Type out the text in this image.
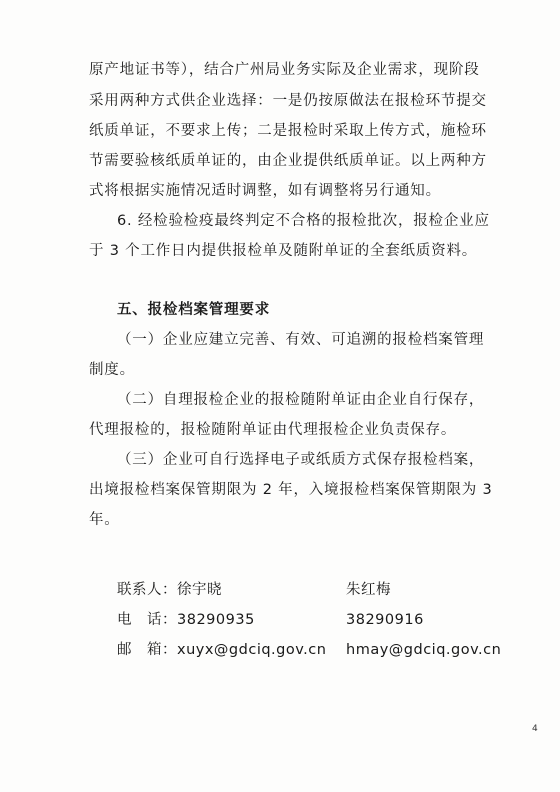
原产地证书等），结合广州局业务实际及企业需求，现阶段
采用两种方式供企业选择：一是仍按原做法在报检环节提交
纸质单证，不要求上传；二是报检时采取上传方式，施检环
节需要验核纸质单证的，由企业提供纸质单证。以上两种方
式将根据实施情况适时调整，如有调整将另行通知。
6. 经检验检疫最终判定不合格的报检批次，报检企业应
于 3 个工作日内提供报检单及随附单证的全套纸质资料。
五、报检档案管理要求
（一）企业应建立完善、有效、可追溯的报检档案管理
制度。
（二）自理报检企业的报检随附单证由企业自行保存，
代理报检的，报检随附单证由代理报检企业负责保存。
（三）企业可自行选择电子或纸质方式保存报检档案，
出境报检档案保管期限为 2 年，入境报检档案保管期限为 3
年。
联系人：徐宇晓	朱红梅
电　话：38290935	38290916
邮　箱：xuyx@gdciq.gov.cn hmay@gdciq.gov.cn
4
